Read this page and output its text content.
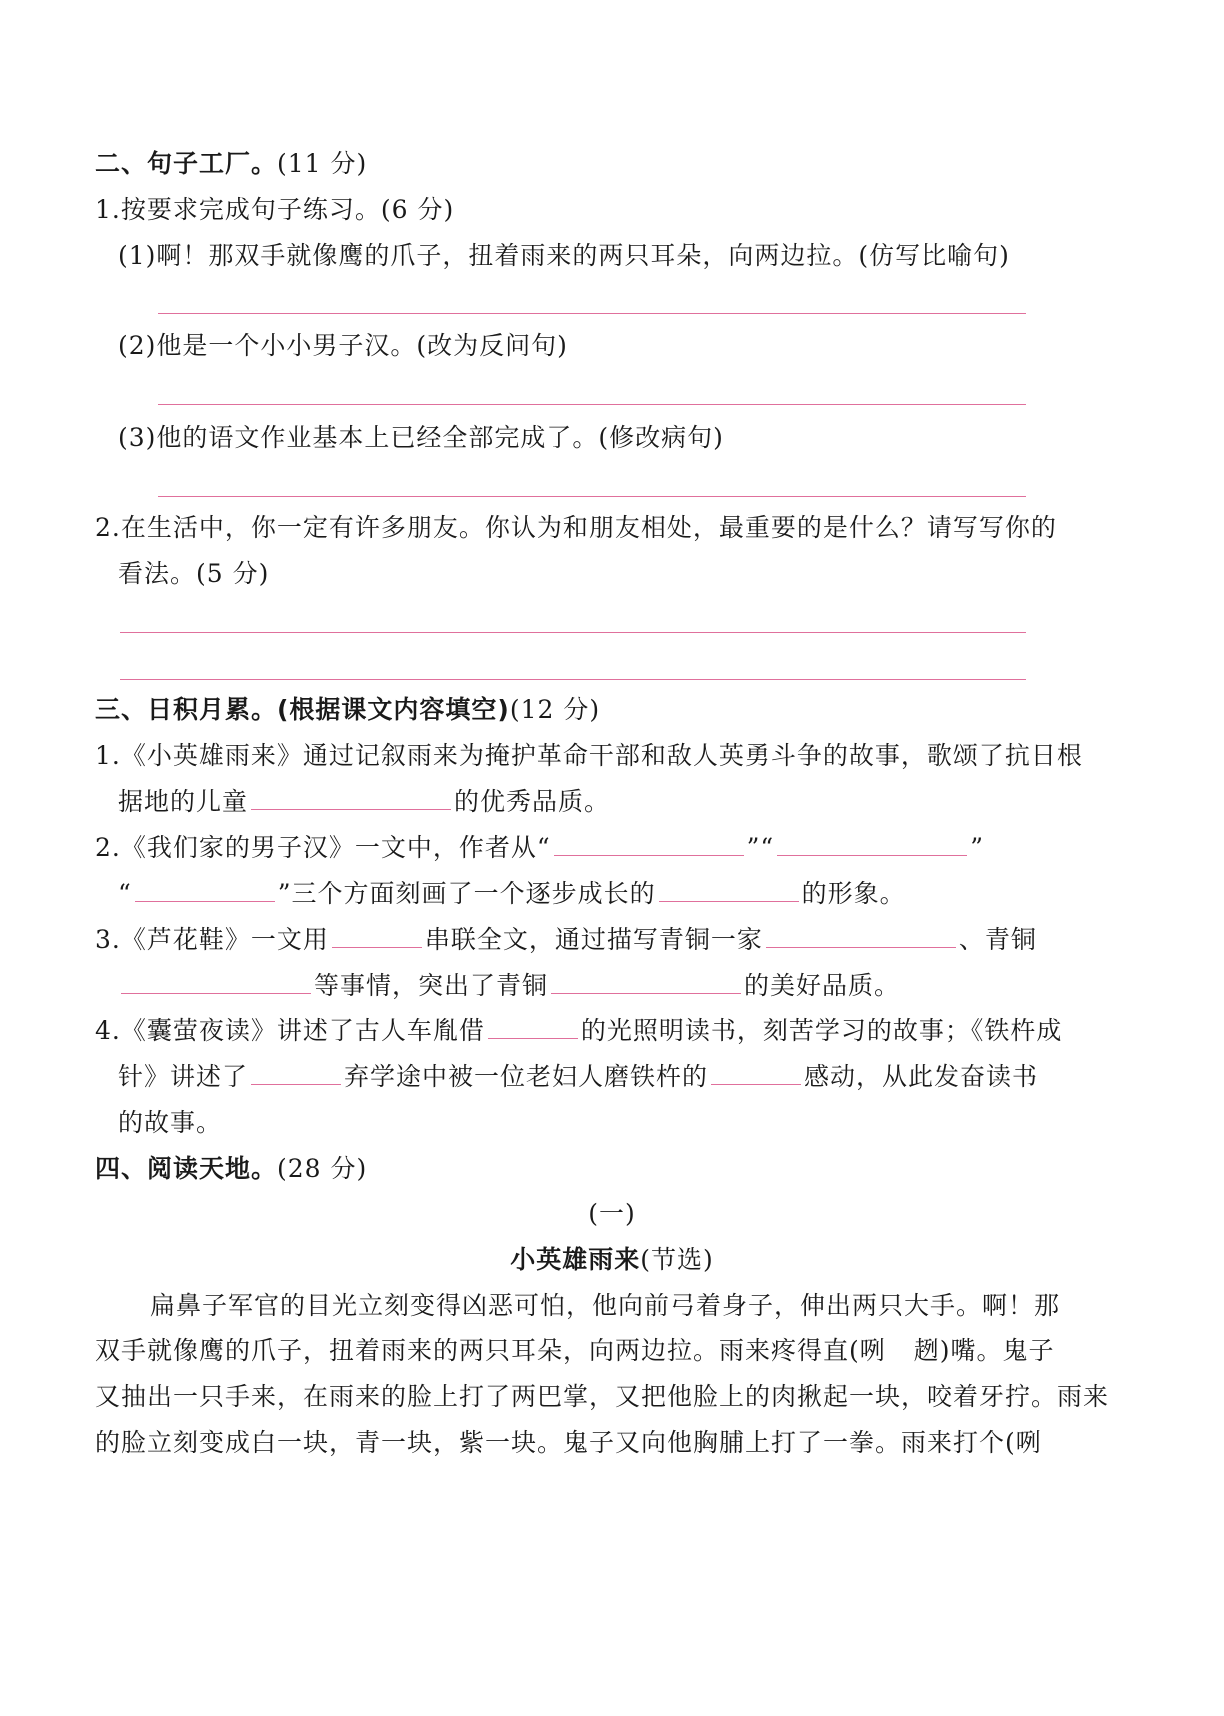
二、句子工厂。(11 分)
1.按要求完成句子练习。(6 分)
(1)啊！那双手就像鹰的爪子，扭着雨来的两只耳朵，向两边拉。(仿写比喻句)
(2)他是一个小小男子汉。(改为反问句)
(3)他的语文作业基本上已经全部完成了。(修改病句)
2.在生活中，你一定有许多朋友。你认为和朋友相处，最重要的是什么？请写写你的
看法。(5 分)
三、日积月累。(根据课文内容填空)(12 分)
1.《小英雄雨来》通过记叙雨来为掩护革命干部和敌人英勇斗争的故事，歌颂了抗日根
据地的儿童	的优秀品质。
2.《我们家的男子汉》一文中，作者从“	”“	”
“	”三个方面刻画了一个逐步成长的	的形象。
3.《芦花鞋》一文用	串联全文，通过描写青铜一家	、青铜
等事情，突出了青铜	的美好品质。
4.《囊萤夜读》讲述了古人车胤借	的光照明读书，刻苦学习的故事；《铁杵成
针》讲述了	弃学途中被一位老妇人磨铁杵的	感动，从此发奋读书
的故事。
四、阅读天地。(28 分)
(一)
小英雄雨来(节选)
扁鼻子军官的目光立刻变得凶恶可怕，他向前弓着身子，伸出两只大手。啊！那
双手就像鹰的爪子，扭着雨来的两只耳朵，向两边拉。雨来疼得直(咧 趔)嘴。鬼子
又抽出一只手来，在雨来的脸上打了两巴掌，又把他脸上的肉揪起一块，咬着牙拧。雨来
的脸立刻变成白一块，青一块，紫一块。鬼子又向他胸脯上打了一拳。雨来打个(咧
